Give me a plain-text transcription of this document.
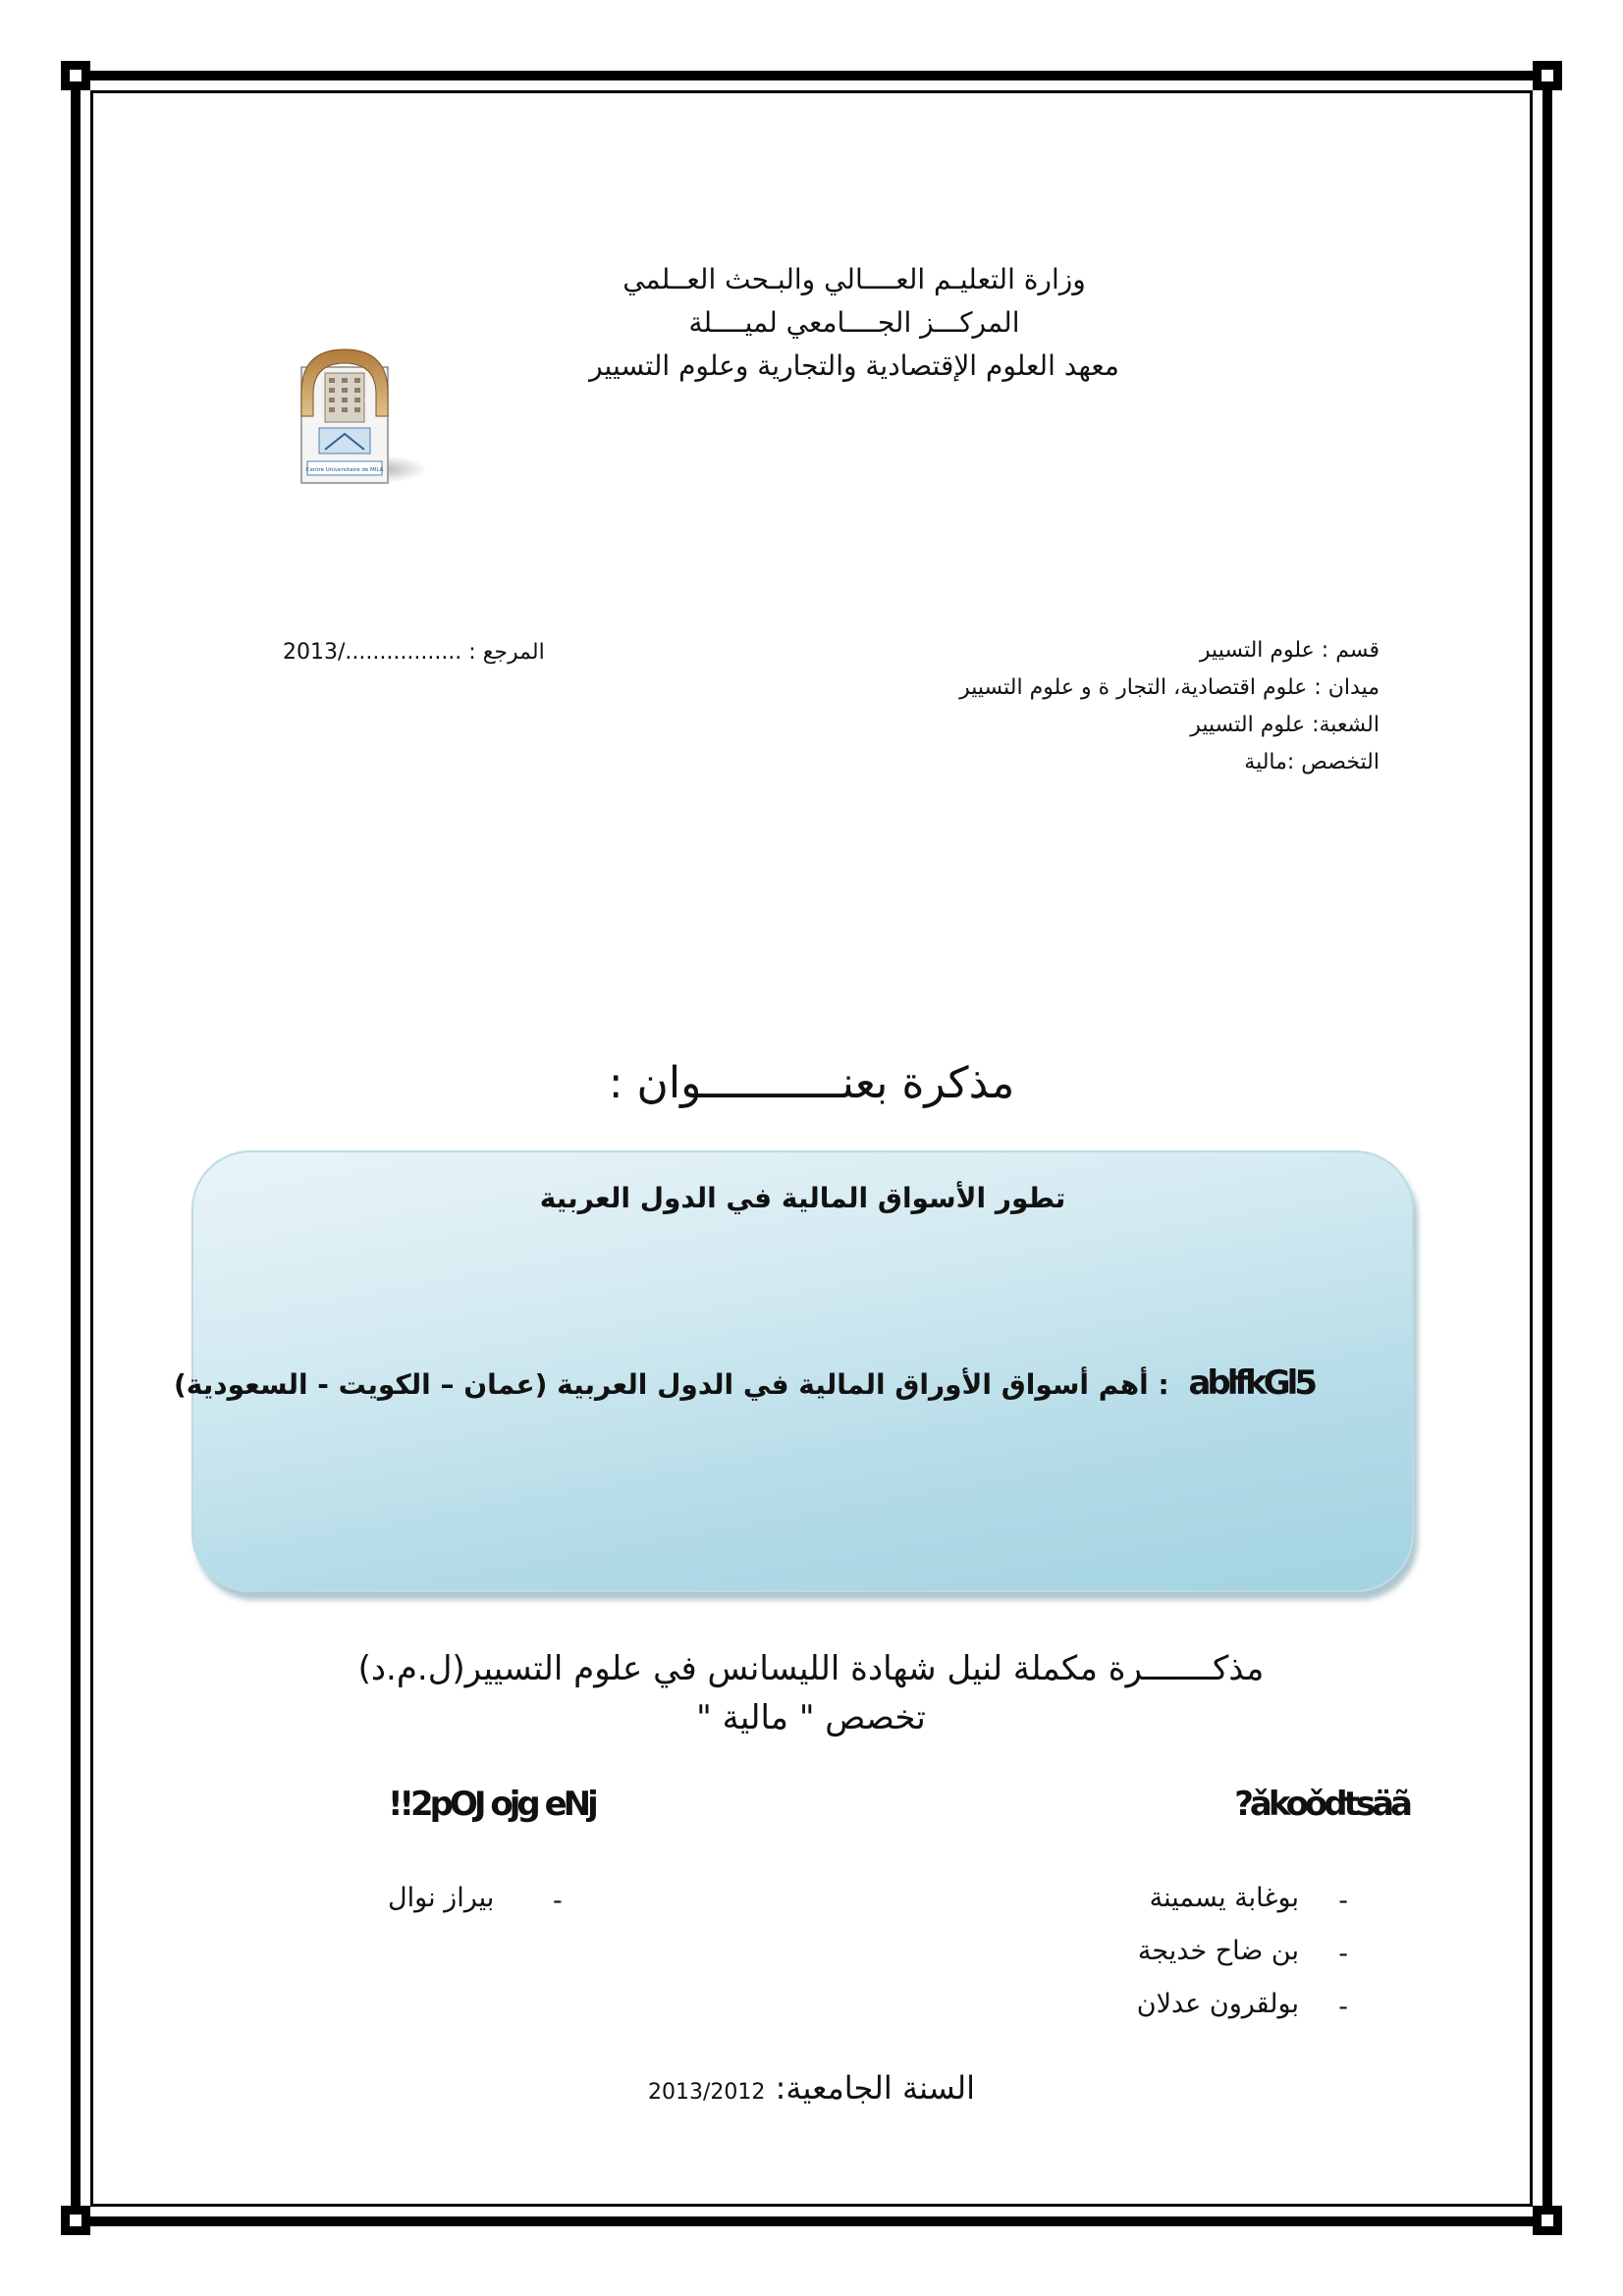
وزارة التعليـم العــــالي والبـحث العــلمي
المركـــز الجــــامعي لميــــلة
معهد العلوم الإقتصادية والتجارية وعلوم التسيير
Centre Universitaire de MILA
المرجع : ................./2013	قسم : علوم التسيير
ميدان : علوم اقتصادية، التجار ة و علوم التسيير
الشعبة: علوم التسيير
التخصص :مالية
مذكرة بعنـــــــــــوان :
تطور الأسواق المالية في الدول العربية
ablfkGl5 : أهم أسواق الأوراق المالية في الدول العربية (عمان – الكويت - السعودية)
مذكـــــــرة مكملة لنيل شهادة الليسانس في علوم التسيير(ل.م.د)
تخصص " مالية "
?ǎkoǒdtsäã
!!2pOJ ojg eNj
-
بوغابة يسمينة
-
بن ضاح خديجة
-
بولقرون عدلان
-
بيراز نوال
2013/2012 السنة الجامعية:
